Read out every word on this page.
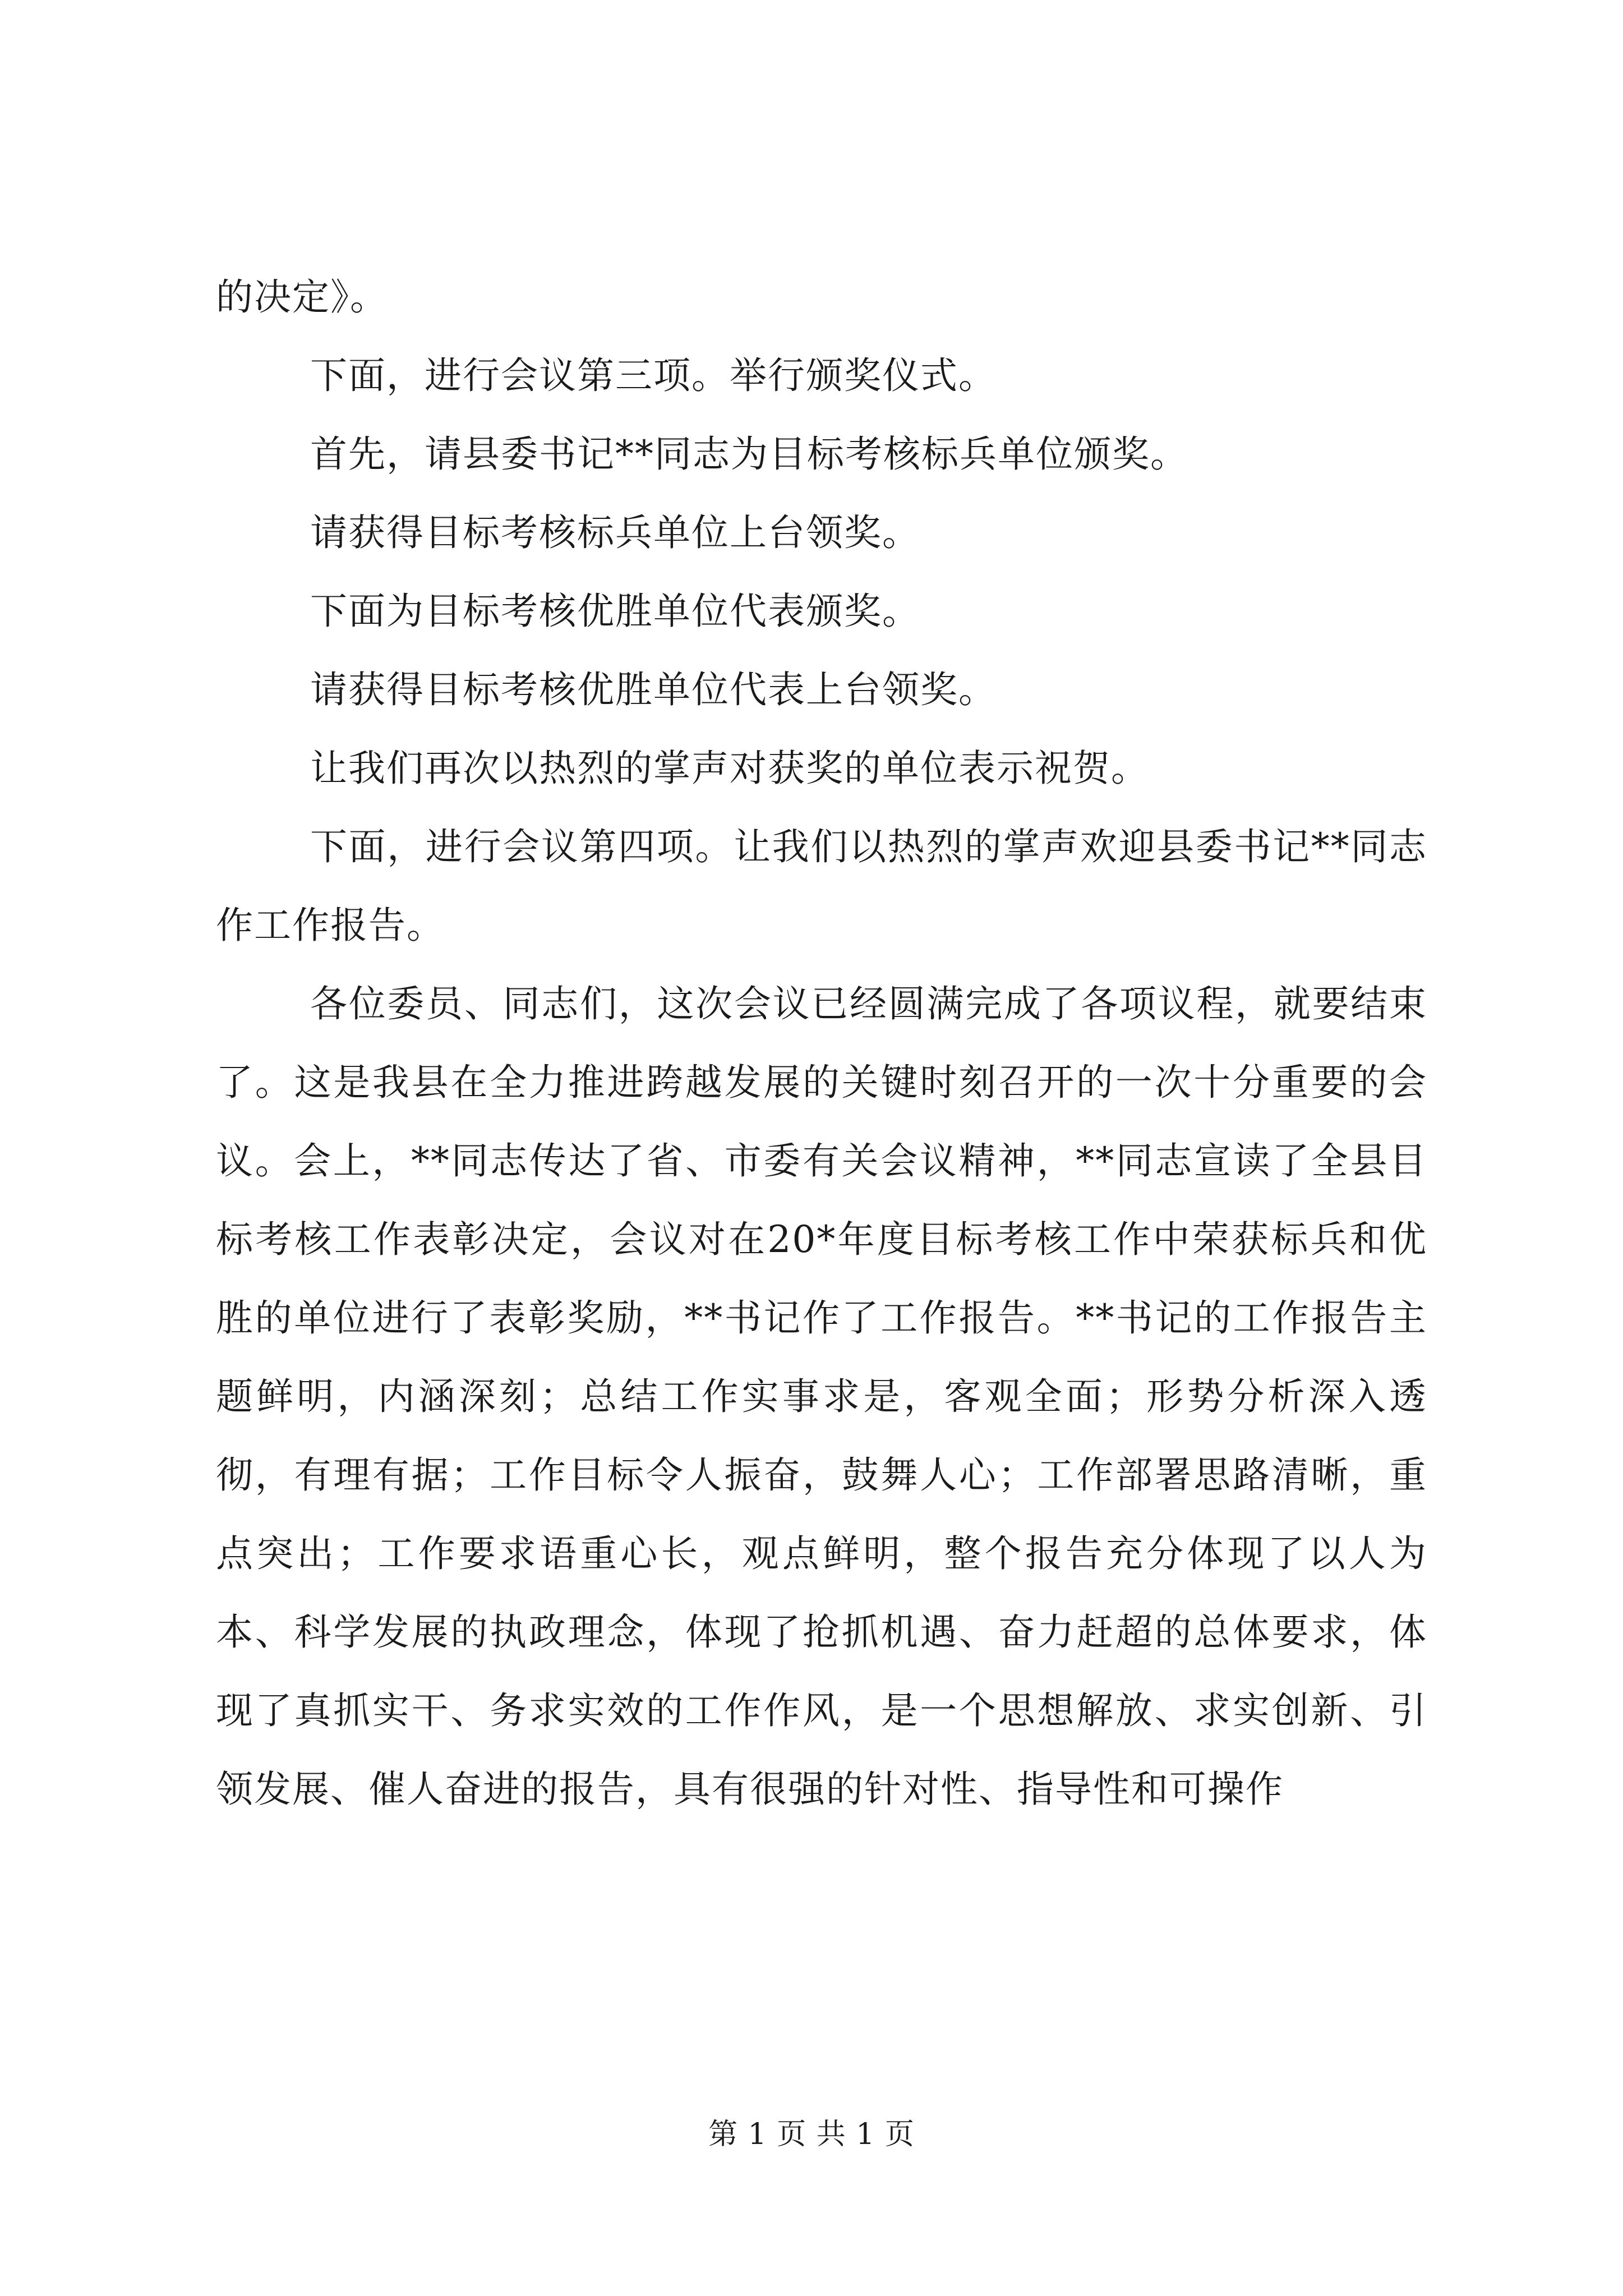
的决定》。

下面，进行会议第三项。举行颁奖仪式。

首先，请县委书记**同志为目标考核标兵单位颁奖。

请获得目标考核标兵单位上台领奖。

下面为目标考核优胜单位代表颁奖。

请获得目标考核优胜单位代表上台领奖。

让我们再次以热烈的掌声对获奖的单位表示祝贺。

下面，进行会议第四项。让我们以热烈的掌声欢迎县委书记**同志作工作报告。

各位委员、同志们，这次会议已经圆满完成了各项议程，就要结束了。这是我县在全力推进跨越发展的关键时刻召开的一次十分重要的会议。会上，**同志传达了省、市委有关会议精神，**同志宣读了全县目标考核工作表彰决定，会议对在20*年度目标考核工作中荣获标兵和优胜的单位进行了表彰奖励，**书记作了工作报告。**书记的工作报告主题鲜明，内涵深刻；总结工作实事求是，客观全面；形势分析深入透彻，有理有据；工作目标令人振奋，鼓舞人心；工作部署思路清晰，重点突出；工作要求语重心长，观点鲜明，整个报告充分体现了以人为本、科学发展的执政理念，体现了抢抓机遇、奋力赶超的总体要求，体现了真抓实干、务求实效的工作作风，是一个思想解放、求实创新、引领发展、催人奋进的报告，具有很强的针对性、指导性和可操作

第 1 页 共 1 页
